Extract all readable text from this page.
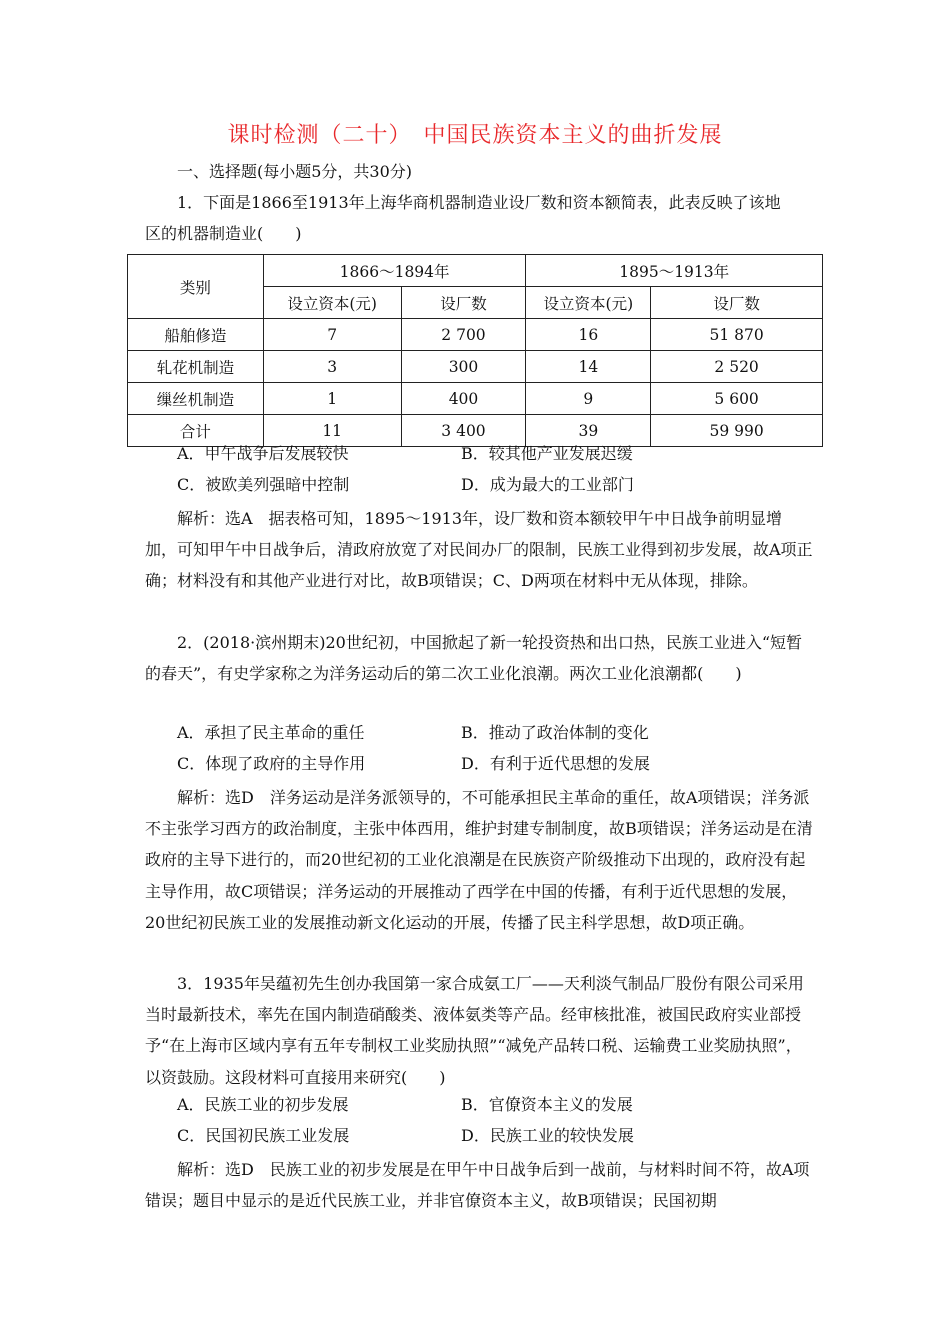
课时检测（二十）　中国民族资本主义的曲折发展

一、选择题(每小题5分，共30分)

1．下面是1866至1913年上海华商机器制造业设厂数和资本额简表，此表反映了该地

区的机器制造业(　　)

类别	1866～1894年		1895～1913年	
	设立资本(元)	设厂数	设立资本(元)	设厂数
船舶修造	7	2 700	16	51 870
轧花机制造	3	300	14	2 520
缫丝机制造	1	400	9	5 600
合计	11	3 400	39	59 990
A．甲午战争后发展较快	B．较其他产业发展迟缓
C．被欧美列强暗中控制	D．成为最大的工业部门

解析：选A　据表格可知，1895～1913年，设厂数和资本额较甲午中日战争前明显增加，可知甲午中日战争后，清政府放宽了对民间办厂的限制，民族工业得到初步发展，故A项正确；材料没有和其他产业进行对比，故B项错误；C、D两项在材料中无从体现，排除。

2．(2018·滨州期末)20世纪初，中国掀起了新一轮投资热和出口热，民族工业进入“短暂的春天”，有史学家称之为洋务运动后的第二次工业化浪潮。两次工业化浪潮都(　　)

A．承担了民主革命的重任	B．推动了政治体制的变化
C．体现了政府的主导作用	D．有利于近代思想的发展

解析：选D　洋务运动是洋务派领导的，不可能承担民主革命的重任，故A项错误；洋务派不主张学习西方的政治制度，主张中体西用，维护封建专制制度，故B项错误；洋务运动是在清政府的主导下进行的，而20世纪初的工业化浪潮是在民族资产阶级推动下出现的，政府没有起主导作用，故C项错误；洋务运动的开展推动了西学在中国的传播，有利于近代思想的发展，20世纪初民族工业的发展推动新文化运动的开展，传播了民主科学思想，故D项正确。

3．1935年吴蕴初先生创办我国第一家合成氨工厂——天利淡气制品厂股份有限公司采用当时最新技术，率先在国内制造硝酸类、液体氨类等产品。经审核批准，被国民政府实业部授予“在上海市区域内享有五年专制权工业奖励执照”“减免产品转口税、运输费工业奖励执照”，以资鼓励。这段材料可直接用来研究(　　)

A．民族工业的初步发展	B．官僚资本主义的发展
C．民国初民族工业发展	D．民族工业的较快发展

解析：选D　民族工业的初步发展是在甲午中日战争后到一战前，与材料时间不符，故A项错误；题目中显示的是近代民族工业，并非官僚资本主义，故B项错误；民国初期
